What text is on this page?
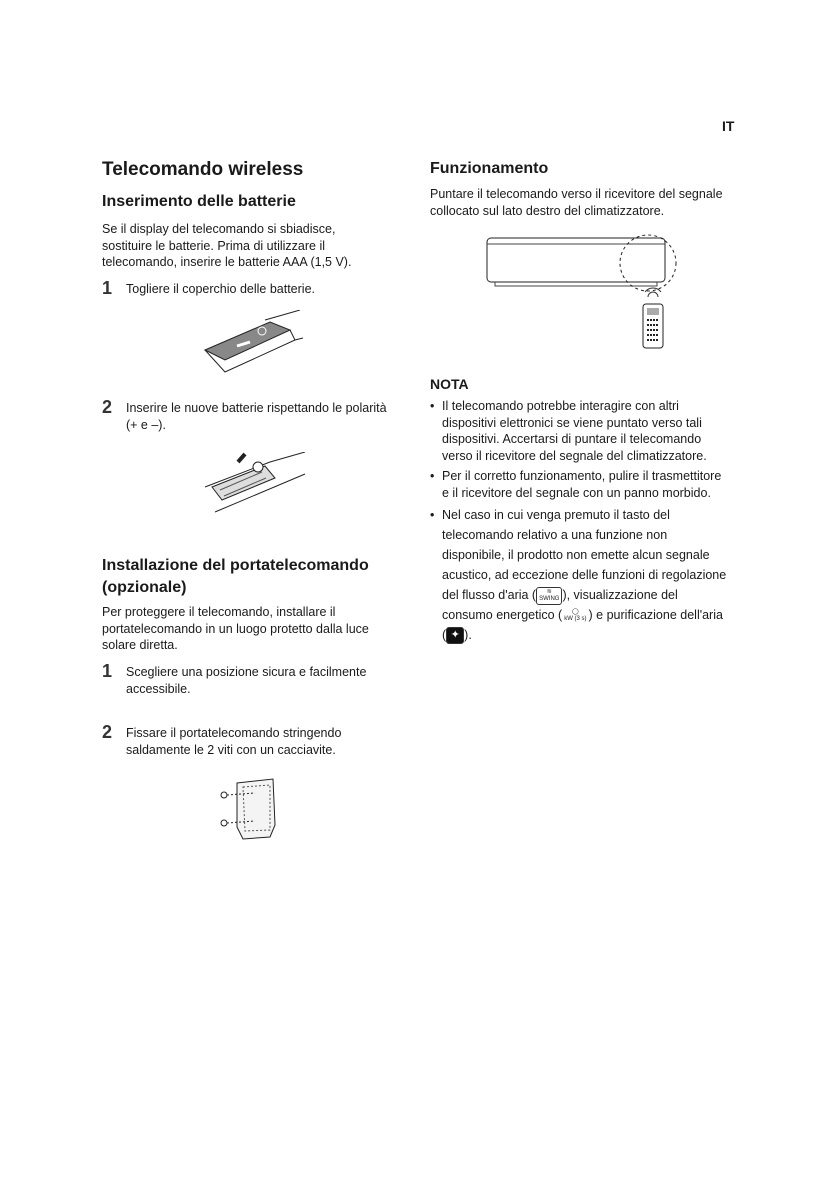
IT
Telecomando wireless
Inserimento delle batterie
Se il display del telecomando si sbiadisce, sostituire le batterie. Prima di utilizzare il telecomando, inserire le batterie AAA (1,5 V).
1 Togliere il coperchio delle batterie.
2 Inserire le nuove batterie rispettando le polarità (+ e –).
Installazione del portatelecomando (opzionale)
Per proteggere il telecomando, installare il portatelecomando in un luogo protetto dalla luce solare diretta.
1 Scegliere una posizione sicura e facilmente accessibile.
2 Fissare il portatelecomando stringendo saldamente le 2 viti con un cacciavite.
Funzionamento
Puntare il telecomando verso il ricevitore del segnale collocato sul lato destro del climatizzatore.
NOTA
• Il telecomando potrebbe interagire con altri dispositivi elettronici se viene puntato verso tali dispositivi. Accertarsi di puntare il telecomando verso il ricevitore del segnale del climatizzatore.
• Per il corretto funzionamento, pulire il trasmettitore e il ricevitore del segnale con un panno morbido.
• Nel caso in cui venga premuto il tasto del telecomando relativo a una funzione non disponibile, il prodotto non emette alcun segnale acustico, ad eccezione delle funzioni di regolazione del flusso d'aria ( ≋
SWING ), visualizzazione del consumo energetico ( ◯
kW (3 s) ) e purificazione dell'aria ( ✦ ).
